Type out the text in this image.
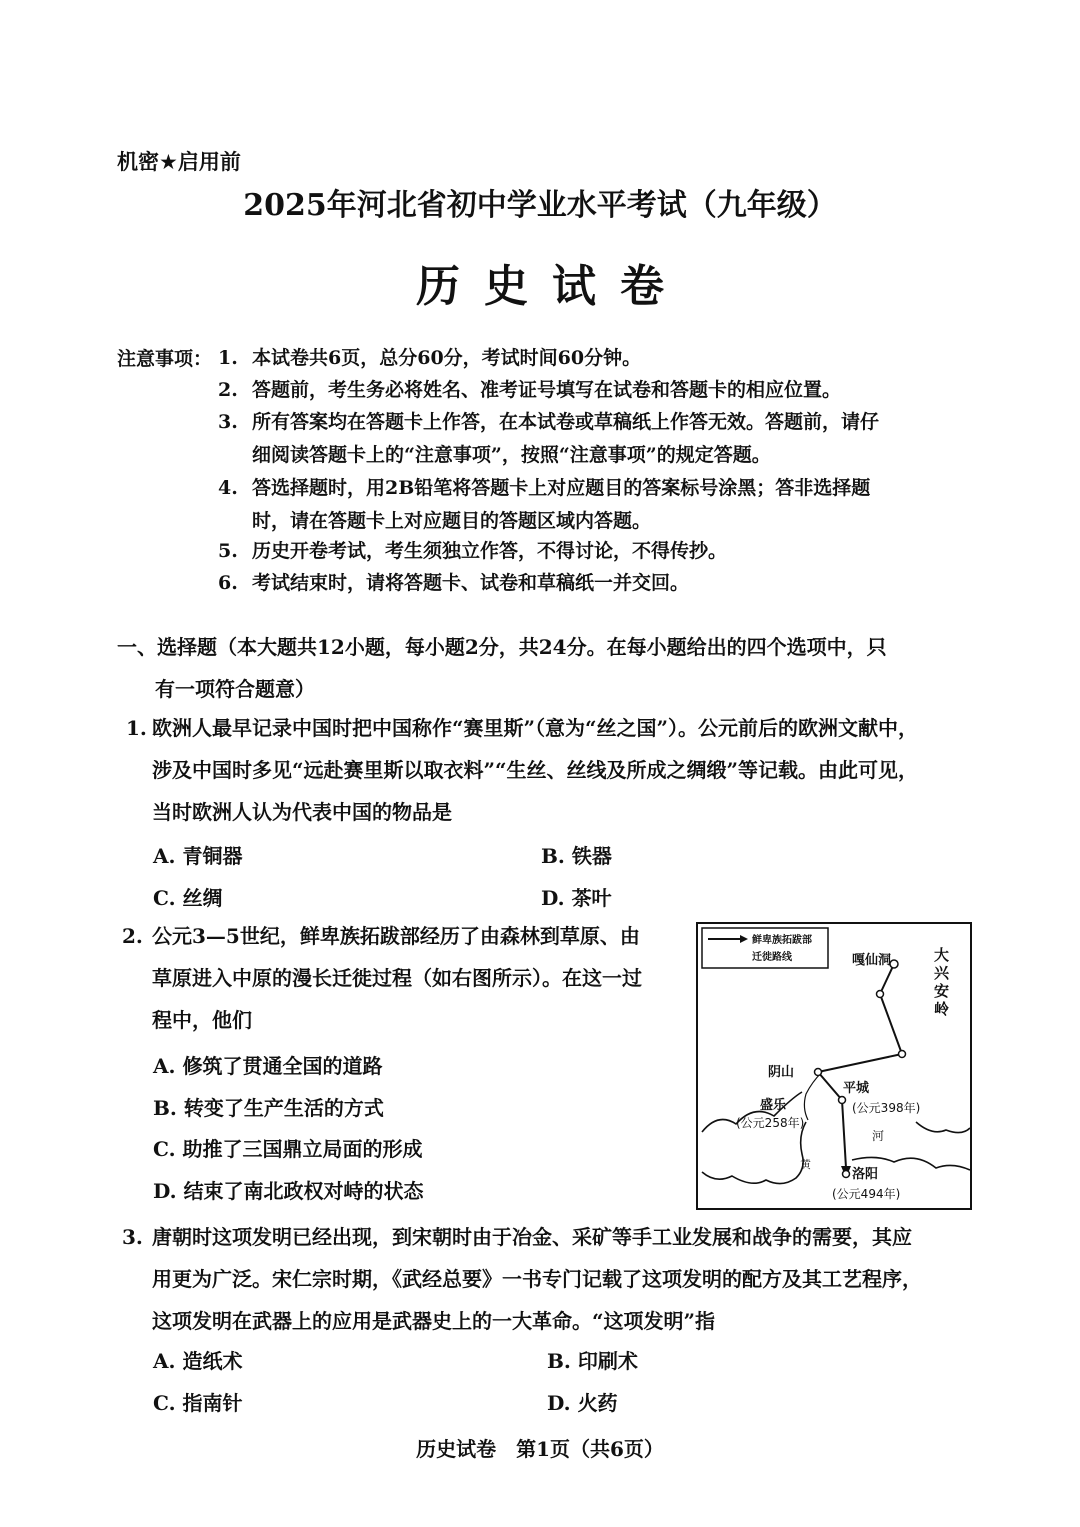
机密★启用前
2025年河北省初中学业水平考试（九年级）
历史试卷
注意事项： 1. 本试卷共6页，总分60分，考试时间60分钟。
2. 答题前，考生务必将姓名、准考证号填写在试卷和答题卡的相应位置。
3. 所有答案均在答题卡上作答，在本试卷或草稿纸上作答无效。答题前，请仔
细阅读答题卡上的“注意事项”，按照“注意事项”的规定答题。
4. 答选择题时，用2B铅笔将答题卡上对应题目的答案标号涂黑；答非选择题
时，请在答题卡上对应题目的答题区域内答题。
5. 历史开卷考试，考生须独立作答，不得讨论，不得传抄。
6. 考试结束时，请将答题卡、试卷和草稿纸一并交回。
一、选择题（本大题共12小题，每小题2分，共24分。在每小题给出的四个选项中，只
有一项符合题意）
1. 欧洲人最早记录中国时把中国称作“赛里斯”（意为“丝之国”）。公元前后的欧洲文献中，
涉及中国时多见“远赴赛里斯以取衣料”“生丝、丝线及所成之绸缎”等记载。由此可见，
当时欧洲人认为代表中国的物品是
A. 青铜器	B. 铁器
C. 丝绸	D. 茶叶
2. 公元3—5世纪，鲜卑族拓跋部经历了由森林到草原、由
草原进入中原的漫长迁徙过程（如右图所示）。在这一过
程中，他们
A. 修筑了贯通全国的道路
B. 转变了生产生活的方式
C. 助推了三国鼎立局面的形成
D. 结束了南北政权对峙的状态
鲜卑族拓跋部
迁徙路线	嘎仙洞	大
兴
安
岭
阴山
平城
(公元398年)
盛乐
(公元258年)
洛阳
(公元494年)
河
黄
3. 唐朝时这项发明已经出现，到宋朝时由于冶金、采矿等手工业发展和战争的需要，其应
用更为广泛。宋仁宗时期，《武经总要》一书专门记载了这项发明的配方及其工艺程序，
这项发明在武器上的应用是武器史上的一大革命。“这项发明”指
A. 造纸术	B. 印刷术
C. 指南针	D. 火药
历史试卷　第1页（共6页）
